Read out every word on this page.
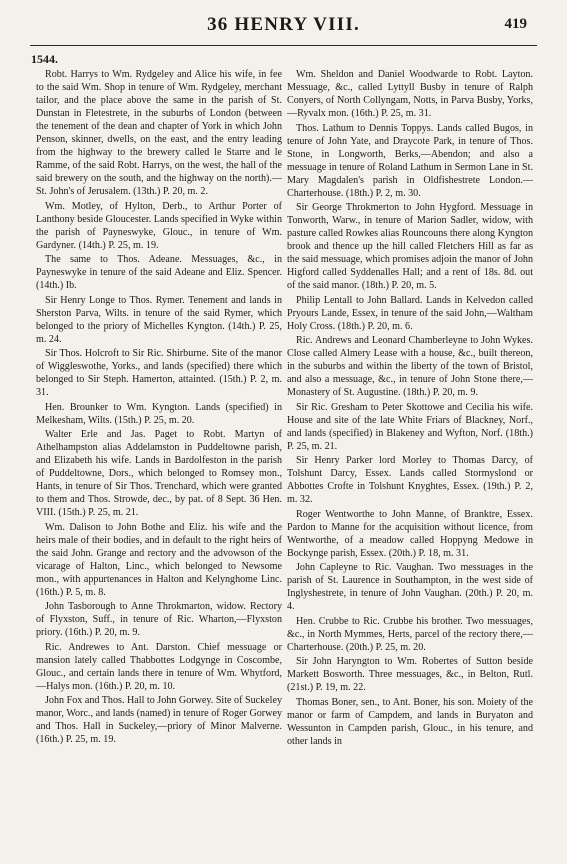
36 HENRY VIII.	419
1544.

Robt. Harrys to Wm. Rydgeley and Alice his wife, in fee to the said Wm. Shop in tenure of Wm. Rydgeley, merchant tailor, and the place above the same in the parish of St. Dunstan in Fletestrete, in the suburbs of London (between the tenement of the dean and chapter of York in which John Penson, skinner, dwells, on the east, and the entry leading from the highway to the brewery called le Starre and le Ramme, of the said Robt. Harrys, on the west, the hall of the said brewery on the south, and the highway on the north).—St. John's of Jerusalem. (13th.) P. 20, m. 2.

Wm. Motley, of Hylton, Derb., to Arthur Porter of Lanthony beside Gloucester. Lands specified in Wyke within the parish of Payneswyke, Glouc., in tenure of Wm. Gardyner. (14th.) P. 25, m. 19.

The same to Thos. Adeane. Messuages, &c., in Payneswyke in tenure of the said Adeane and Eliz. Spencer. (14th.) Ib.

Sir Henry Longe to Thos. Rymer. Tenement and lands in Sherston Parva, Wilts. in tenure of the said Rymer, which belonged to the priory of Michelles Kyngton. (14th.) P. 25, m. 24.

Sir Thos. Holcroft to Sir Ric. Shirburne. Site of the manor of Wiggleswothe, Yorks., and lands (specified) there which belonged to Sir Steph. Hamerton, attainted. (15th.) P. 2, m. 31.

Hen. Brounker to Wm. Kyngton. Lands (specified) in Melkesham, Wilts. (15th.) P. 25, m. 20.

Walter Erle and Jas. Paget to Robt. Martyn of Athelhampston alias Addelamston in Puddeltowne parish, and Elizabeth his wife. Lands in Bardolfeston in the parish of Puddeltowne, Dors., which belonged to Romsey mon., Hants, in tenure of Sir Thos. Trenchard, which were granted to them and Thos. Strowde, dec., by pat. of 8 Sept. 36 Hen. VIII. (15th.) P. 25, m. 21.

Wm. Dalison to John Bothe and Eliz. his wife and the heirs male of their bodies, and in default to the right heirs of the said John. Grange and rectory and the advowson of the vicarage of Halton, Linc., which belonged to Newsome mon., with appurtenances in Halton and Kelynghome Linc. (16th.) P. 5, m. 8.

John Tasborough to Anne Throkmarton, widow. Rectory of Flyxston, Suff., in tenure of Ric. Wharton,—Flyxston priory. (16th.) P. 20, m. 9.

Ric. Andrewes to Ant. Darston. Chief messuage or mansion lately called Thabbottes Lodgynge in Coscombe, Glouc., and certain lands there in tenure of Wm. Whytford,—Halys mon. (16th.) P. 20, m. 10.

John Fox and Thos. Hall to John Gorwey. Site of Suckeley manor, Worc., and lands (named) in tenure of Roger Gorwey and Thos. Hall in Suckeley,—priory of Minor Malverne. (16th.) P. 25, m. 19.

Wm. Sheldon and Daniel Woodwarde to Robt. Layton. Messuage, &c., called Lyttyll Busby in tenure of Ralph Conyers, of North Collyngam, Notts, in Parva Busby, Yorks,—Ryvalx mon. (16th.) P. 25, m. 31.

Thos. Lathum to Dennis Toppys. Lands called Bugos, in tenure of John Yate, and Draycote Park, in tenure of Thos. Stone, in Longworth, Berks,—Abendon; and also a messuage in tenure of Roland Lathum in Sermon Lane in St. Mary Magdalen's parish in Oldfishestrete London.—Charterhouse. (18th.) P. 2, m. 30.

Sir George Throkmerton to John Hygford. Messuage in Tonworth, Warw., in tenure of Marion Sadler, widow, with pasture called Rowkes alias Rouncouns there along Kyngton brook and thence up the hill called Fletchers Hill as far as the said messuage, which promises adjoin the manor of John Higford called Syddenalles Hall; and a rent of 18s. 8d. out of the said manor. (18th.) P. 20, m. 5.

Philip Lentall to John Ballard. Lands in Kelvedon called Pryours Lande, Essex, in tenure of the said John,—Waltham Holy Cross. (18th.) P. 20, m. 6.

Ric. Andrews and Leonard Chamberleyne to John Wykes. Close called Almery Lease with a house, &c., built thereon, in the suburbs and within the liberty of the town of Bristol, and also a messuage, &c., in tenure of John Stone there,—Monastery of St. Augustine. (18th.) P. 20, m. 9.

Sir Ric. Gresham to Peter Skottowe and Cecilia his wife. House and site of the late White Friars of Blackney, Norf., and lands (specified) in Blakeney and Wyfton, Norf. (18th.) P. 25, m. 21.

Sir Henry Parker lord Morley to Thomas Darcy, of Tolshunt Darcy, Essex. Lands called Stormyslond or Abbottes Crofte in Tolshunt Knyghtes, Essex. (19th.) P. 2, m. 32.

Roger Wentworthe to John Manne, of Branktre, Essex. Pardon to Manne for the acquisition without licence, from Wentworthe, of a meadow called Hoppyng Medowe in Bockynge parish, Essex. (20th.) P. 18, m. 31.

John Capleyne to Ric. Vaughan. Two messuages in the parish of St. Laurence in Southampton, in the west side of Inglyshestrete, in tenure of John Vaughan. (20th.) P. 20, m. 4.

Hen. Crubbe to Ric. Crubbe his brother. Two messuages, &c., in North Mymmes, Herts, parcel of the rectory there,—Charterhouse. (20th.) P. 25, m. 20.

Sir John Haryngton to Wm. Robertes of Sutton beside Markett Bosworth. Three messuages, &c., in Belton, Rutl. (21st.) P. 19, m. 22.

Thomas Boner, sen., to Ant. Boner, his son. Moiety of the manor or farm of Campdem, and lands in Buryaton and Wessunton in Campden parish, Glouc., in his tenure, and other lands in
